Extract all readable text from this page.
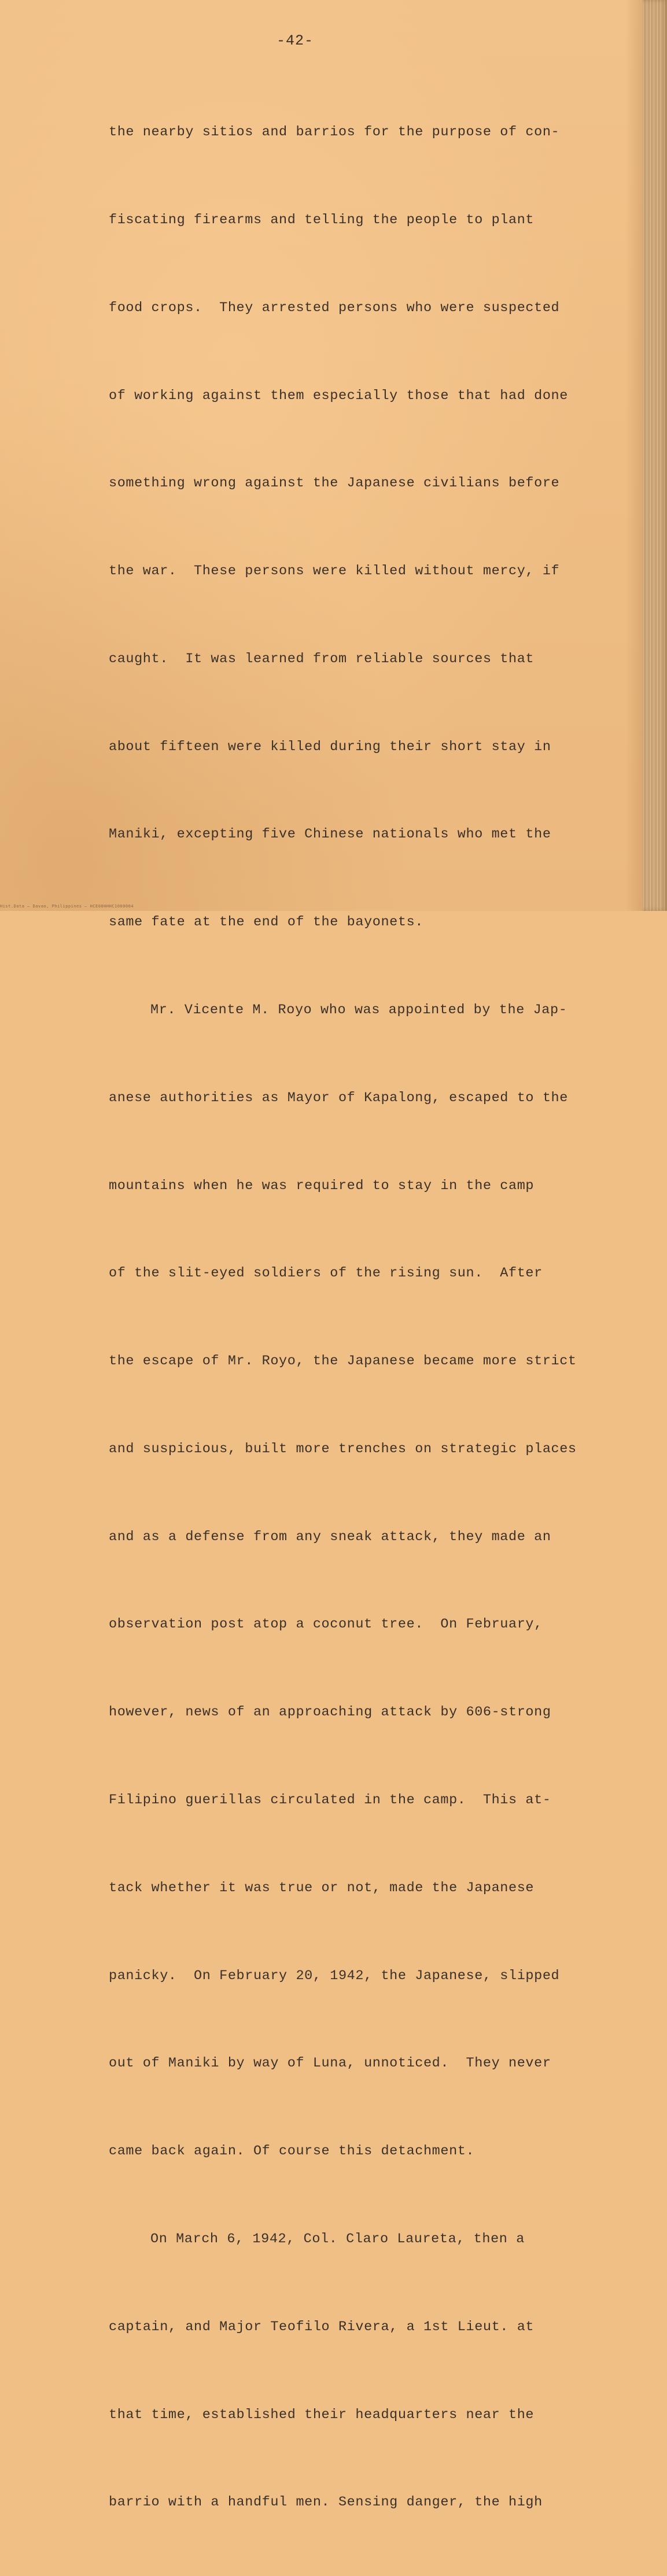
-42-

the nearby sitios and barrios for the purpose of con-

fiscating firearms and telling the people to plant

food crops.  They arrested persons who were suspected

of working against them especially those that had done

something wrong against the Japanese civilians before

the war.  These persons were killed without mercy, if

caught.  It was learned from reliable sources that

about fifteen were killed during their short stay in

Maniki, excepting five Chinese nationals who met the

same fate at the end of the bayonets.

Mr. Vicente M. Royo who was appointed by the Jap-

anese authorities as Mayor of Kapalong, escaped to the

mountains when he was required to stay in the camp

of the slit-eyed soldiers of the rising sun.  After

the escape of Mr. Royo, the Japanese became more strict

and suspicious, built more trenches on strategic places

and as a defense from any sneak attack, they made an

observation post atop a coconut tree.  On February,

however, news of an approaching attack by 606-strong

Filipino guerillas circulated in the camp.  This at-

tack whether it was true or not, made the Japanese

panicky.  On February 20, 1942, the Japanese, slipped

out of Maniki by way of Luna, unnoticed.  They never

came back again. Of course this detachment.

On March 6, 1942, Col. Claro Laureta, then a

captain, and Major Teofilo Rivera, a 1st Lieut. at

that time, established their headquarters near the

barrio with a handful men. Sensing danger, the high

Hist.Data — Davao, Philippines — HCE00HHHC1000004
